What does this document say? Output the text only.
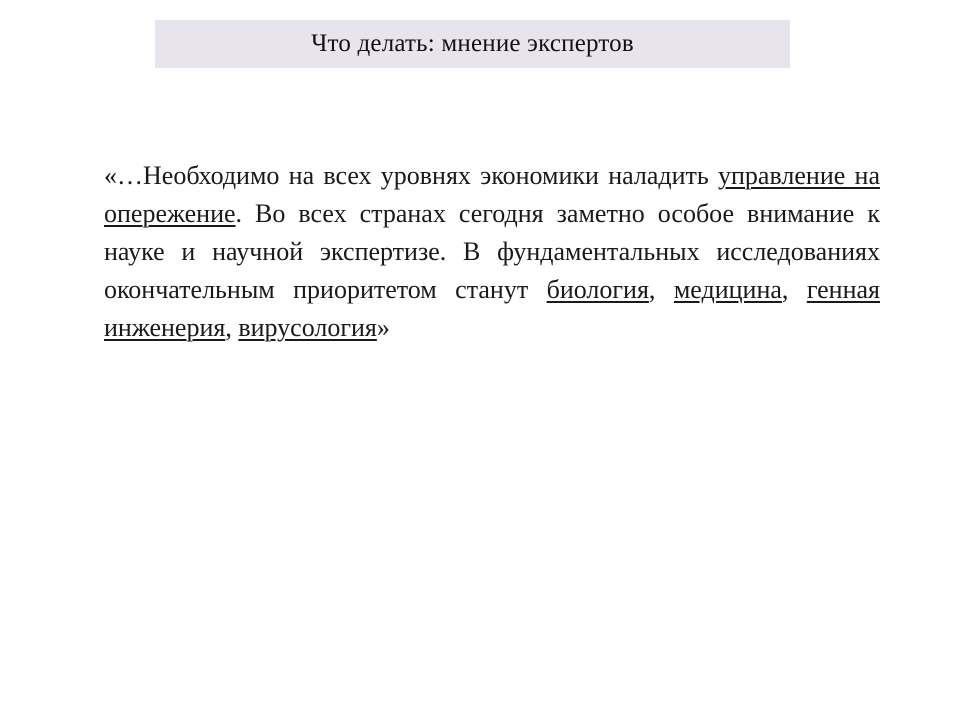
Что делать: мнение экспертов

«…Необходимо на всех уровнях экономики наладить управление на опережение. Во всех странах сегодня заметно особое внимание к науке и научной экспертизе. В фундаментальных исследованиях окончательным приоритетом станут биология, медицина, генная инженерия, вирусология»
